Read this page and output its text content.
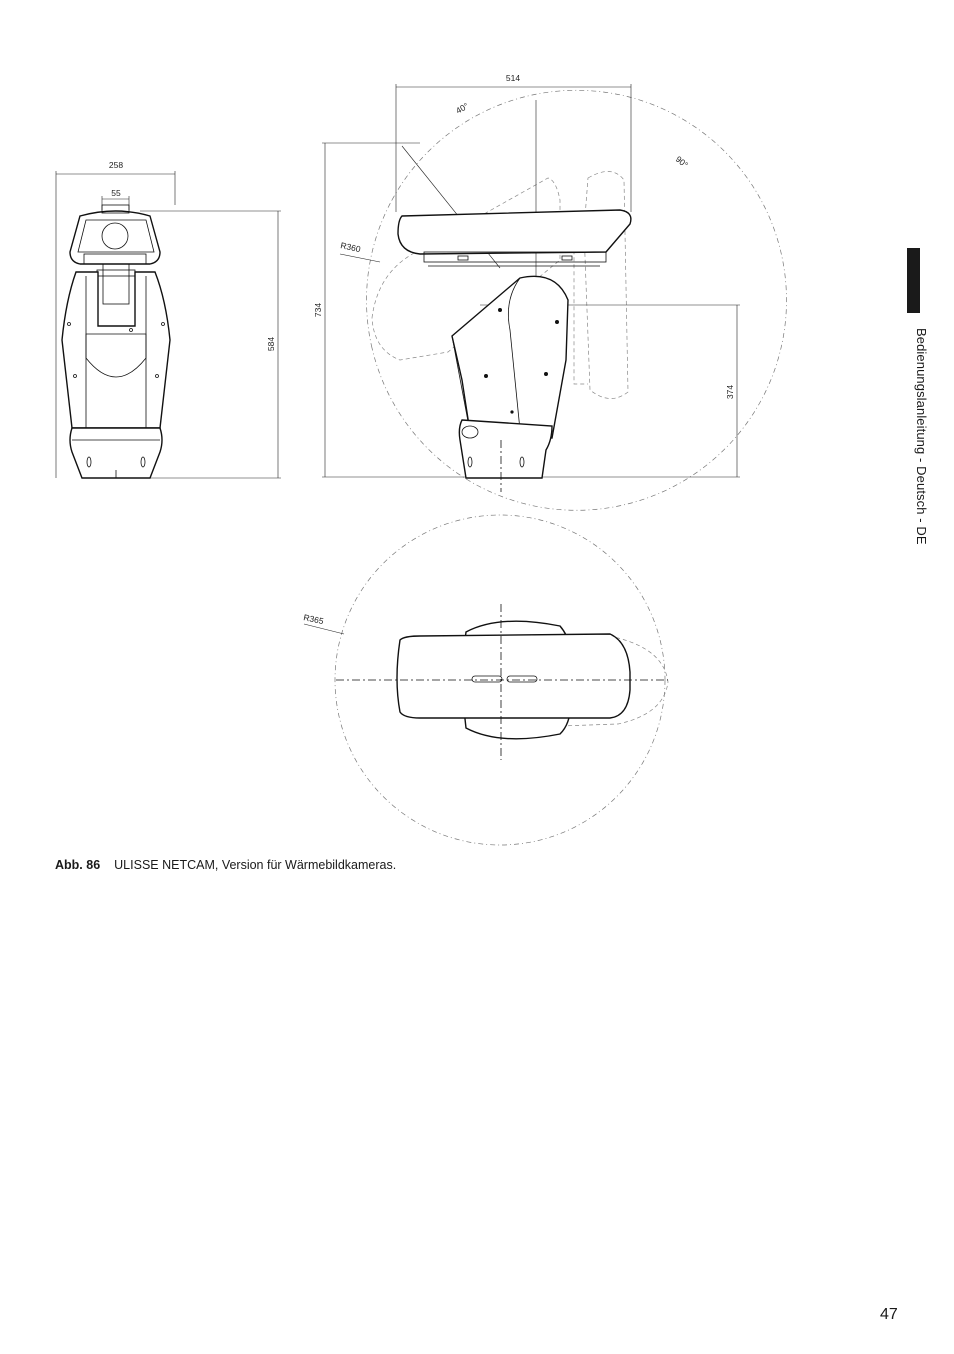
258
55
584
514
734
374
R360
40°
90°
R365
Abb. 86 ULISSE NETCAM, Version für Wärmebildkameras.
Bedienungslanleitung - Deutsch - DE
47
